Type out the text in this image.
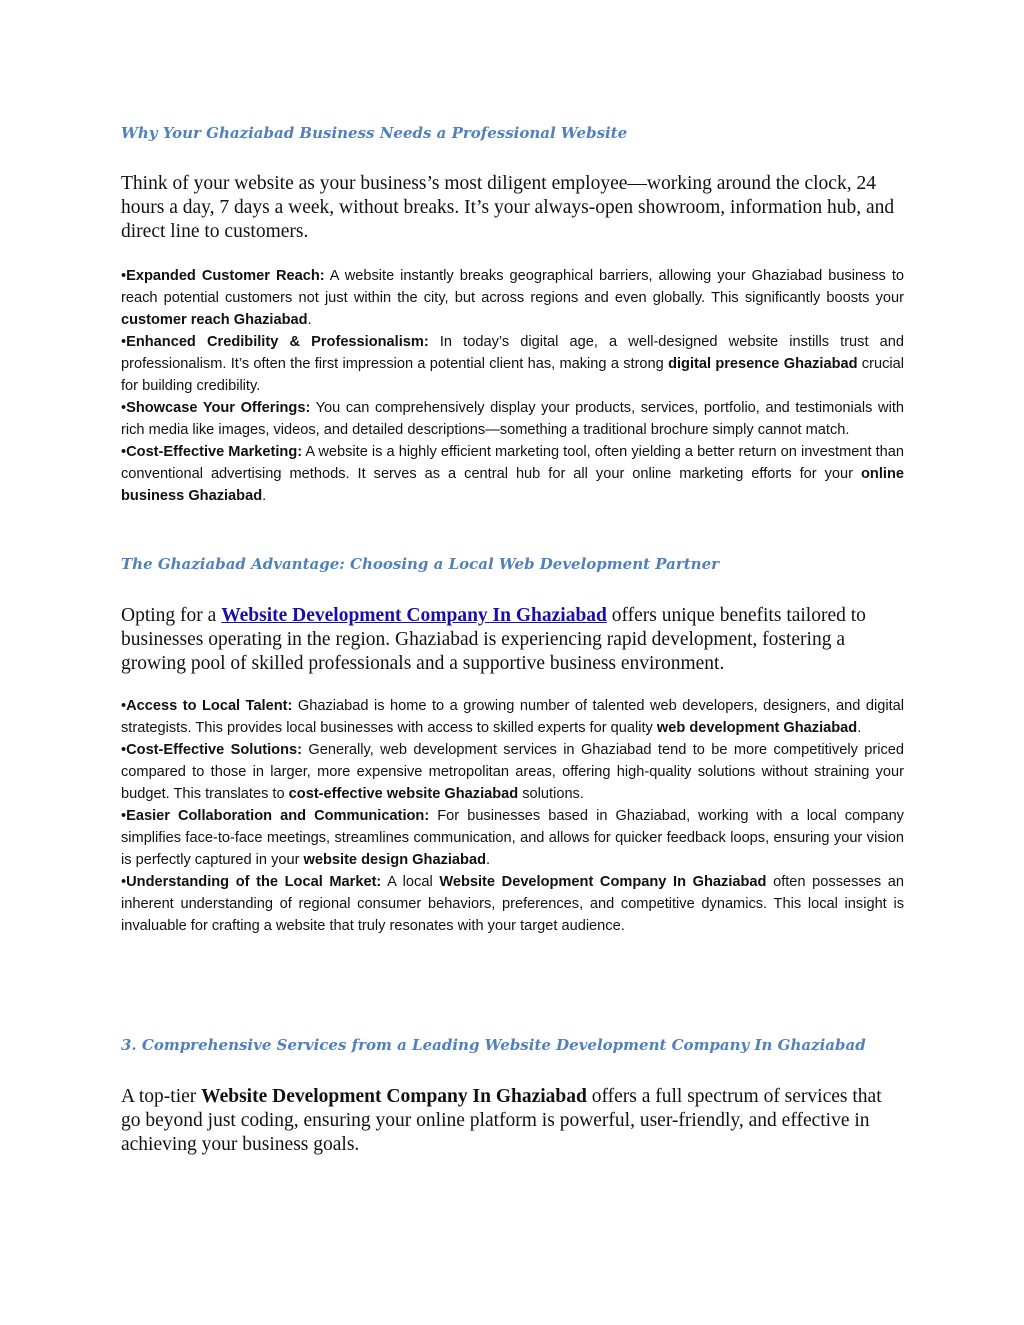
Why Your Ghaziabad Business Needs a Professional Website

Think of your website as your business’s most diligent employee—working around the clock, 24 hours a day, 7 days a week, without breaks. It’s your always-open showroom, information hub, and direct line to customers.

•Expanded Customer Reach: A website instantly breaks geographical barriers, allowing your Ghaziabad business to reach potential customers not just within the city, but across regions and even globally. This significantly boosts your customer reach Ghaziabad.
•Enhanced Credibility & Professionalism: In today’s digital age, a well-designed website instills trust and professionalism. It’s often the first impression a potential client has, making a strong digital presence Ghaziabad crucial for building credibility.
•Showcase Your Offerings: You can comprehensively display your products, services, portfolio, and testimonials with rich media like images, videos, and detailed descriptions—something a traditional brochure simply cannot match.
•Cost-Effective Marketing: A website is a highly efficient marketing tool, often yielding a better return on investment than conventional advertising methods. It serves as a central hub for all your online marketing efforts for your online business Ghaziabad.
The Ghaziabad Advantage: Choosing a Local Web Development Partner

Opting for a Website Development Company In Ghaziabad offers unique benefits tailored to businesses operating in the region. Ghaziabad is experiencing rapid development, fostering a growing pool of skilled professionals and a supportive business environment.

•Access to Local Talent: Ghaziabad is home to a growing number of talented web developers, designers, and digital strategists. This provides local businesses with access to skilled experts for quality web development Ghaziabad.
•Cost-Effective Solutions: Generally, web development services in Ghaziabad tend to be more competitively priced compared to those in larger, more expensive metropolitan areas, offering high-quality solutions without straining your budget. This translates to cost-effective website Ghaziabad solutions.
•Easier Collaboration and Communication: For businesses based in Ghaziabad, working with a local company simplifies face-to-face meetings, streamlines communication, and allows for quicker feedback loops, ensuring your vision is perfectly captured in your website design Ghaziabad.
•Understanding of the Local Market: A local Website Development Company In Ghaziabad often possesses an inherent understanding of regional consumer behaviors, preferences, and competitive dynamics. This local insight is invaluable for crafting a website that truly resonates with your target audience.
3. Comprehensive Services from a Leading Website Development Company In Ghaziabad

A top-tier Website Development Company In Ghaziabad offers a full spectrum of services that go beyond just coding, ensuring your online platform is powerful, user-friendly, and effective in achieving your business goals.
